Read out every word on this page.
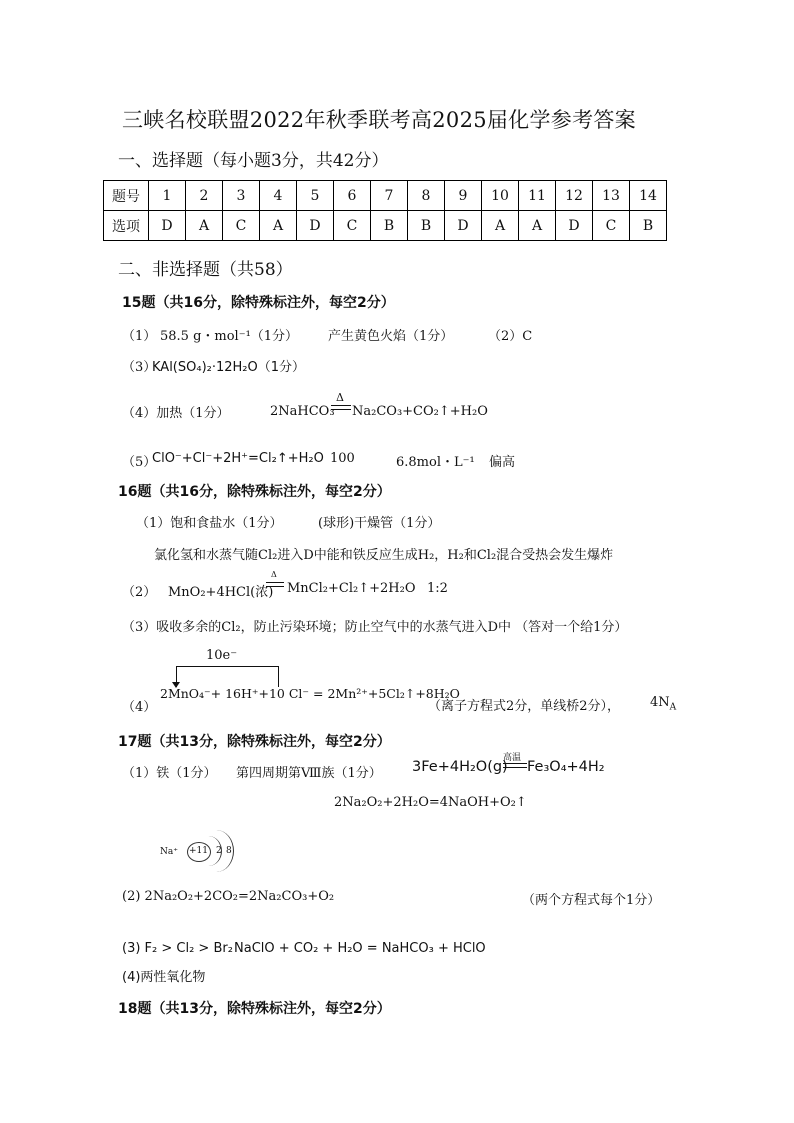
三峡名校联盟2022年秋季联考高2025届化学参考答案
一、选择题（每小题3分，共42分）
题号	1	2	3	4	5	6	7	8	9	10	11	12	13	14
选项	D	A	C	A	D	C	B	B	D	A	A	D	C	B
二、非选择题（共58）
15题（共16分，除特殊标注外，每空2分）
（1） 58.5 g・mol⁻¹（1分） 产生黄色火焰（1分）	（2）C
（3）
KAl(SO₄)₂·12H₂O（1分）
（4）加热（1分）	2NaHCO₃
Δ
Na₂CO₃+CO₂↑+H₂O
（5）
ClO⁻+Cl⁻+2H⁺=Cl₂↑+H₂O 100	6.8mol・L⁻¹ 偏高
16题（共16分，除特殊标注外，每空2分）
（1）饱和食盐水（1分）	(球形)干燥管（1分）
氯化氢和水蒸气随Cl₂进入D中能和铁反应生成H₂，H₂和Cl₂混合受热会发生爆炸
（2） MnO₂+4HCl(浓)
Δ
MnCl₂+Cl₂↑+2H₂O 1:2
（3）吸收多余的Cl₂，防止污染环境；防止空气中的水蒸气进入D中 （答对一个给1分）
10e⁻
（4）
2MnO₄⁻+ 16H⁺+10 Cl⁻ = 2Mn²⁺+5Cl₂↑+8H₂O
（离子方程式2分，单线桥2分）， $4N_A$
17题（共13分，除特殊标注外，每空2分）
（1）铁（1分） 第四周期第Ⅷ族（1分） 3Fe+4H₂O(g)
高温
Fe₃O₄+4H₂
2Na₂O₂+2H₂O=4NaOH+O₂↑
Na⁺ +11 2 8
(2) 2Na₂O₂+2CO₂=2Na₂CO₃+O₂	（两个方程式每个1分）
(3) F₂ > Cl₂ > Br₂ NaClO + CO₂ + H₂O = NaHCO₃ + HClO
(4)两性氧化物
18题（共13分，除特殊标注外，每空2分）
